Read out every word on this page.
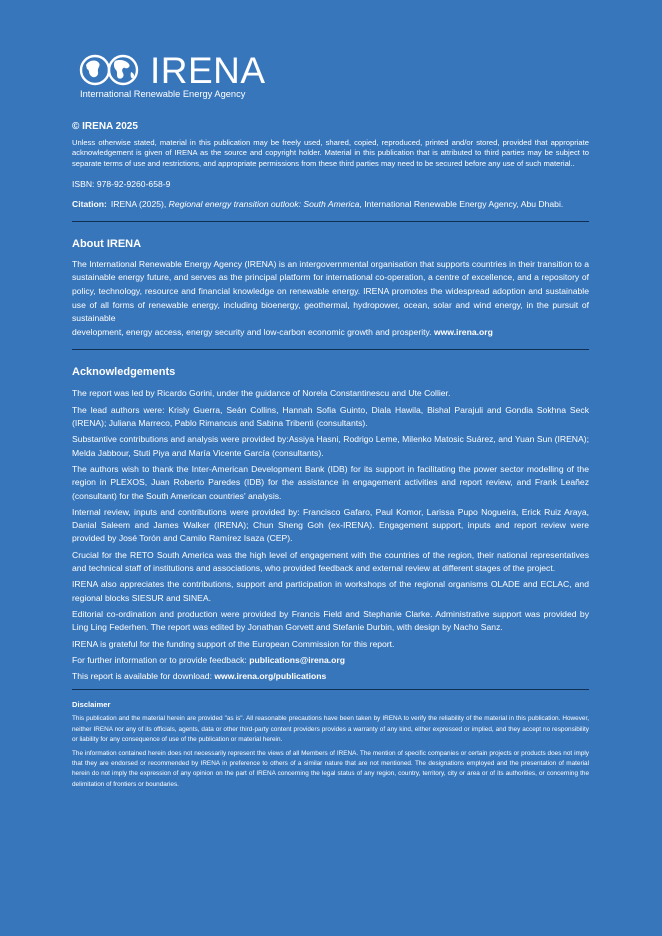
IRENA
International Renewable Energy Agency

© IRENA 2025

Unless otherwise stated, material in this publication may be freely used, shared, copied, reproduced, printed and/or stored, provided that appropriate acknowledgement is given of IRENA as the source and copyright holder. Material in this publication that is attributed to third parties may be subject to separate terms of use and restrictions, and appropriate permissions from these third parties may need to be secured before any use of such material..

ISBN: 978-92-9260-658-9

Citation: IRENA (2025), Regional energy transition outlook: South America, International Renewable Energy Agency, Abu Dhabi.
About IRENA

The International Renewable Energy Agency (IRENA) is an intergovernmental organisation that supports countries in their transition to a sustainable energy future, and serves as the principal platform for international co-operation, a centre of excellence, and a repository of policy, technology, resource and financial knowledge on renewable energy. IRENA promotes the widespread adoption and sustainable use of all forms of renewable energy, including bioenergy, geothermal, hydropower, ocean, solar and wind energy, in the pursuit of sustainable

development, energy access, energy security and low-carbon economic growth and prosperity. www.irena.org

Acknowledgements

The report was led by Ricardo Gorini, under the guidance of Norela Constantinescu and Ute Collier.

The lead authors were: Krisly Guerra, Seán Collins, Hannah Sofia Guinto, Diala Hawila, Bishal Parajuli and Gondia Sokhna Seck (IRENA); Juliana Marreco, Pablo Rimancus and Sabina Tribenti (consultants).

Substantive contributions and analysis were provided by:Assiya Hasni, Rodrigo Leme, Milenko Matosic Suárez, and Yuan Sun (IRENA); Melda Jabbour, Stuti Piya and María Vicente García (consultants).

The authors wish to thank the Inter-American Development Bank (IDB) for its support in facilitating the power sector modelling of the region in PLEXOS, Juan Roberto Paredes (IDB) for the assistance in engagement activities and report review, and Frank Leañez (consultant) for the South American countries' analysis.

Internal review, inputs and contributions were provided by: Francisco Gafaro, Paul Komor, Larissa Pupo Nogueira, Erick Ruiz Araya, Danial Saleem and James Walker (IRENA); Chun Sheng Goh (ex-IRENA). Engagement support, inputs and report review were provided by José Torón and Camilo Ramírez Isaza (CEP).

Crucial for the RETO South America was the high level of engagement with the countries of the region, their national representatives and technical staff of institutions and associations, who provided feedback and external review at different stages of the project.

IRENA also appreciates the contributions, support and participation in workshops of the regional organisms OLADE and ECLAC, and regional blocks SIESUR and SINEA.

Editorial co-ordination and production were provided by Francis Field and Stephanie Clarke. Administrative support was provided by Ling Ling Federhen. The report was edited by Jonathan Gorvett and Stefanie Durbin, with design by Nacho Sanz.

IRENA is grateful for the funding support of the European Commission for this report.

For further information or to provide feedback: publications@irena.org

This report is available for download: www.irena.org/publications

Disclaimer

This publication and the material herein are provided "as is". All reasonable precautions have been taken by IRENA to verify the reliability of the material in this publication. However, neither IRENA nor any of its officials, agents, data or other third-party content providers provides a warranty of any kind, either expressed or implied, and they accept no responsibility or liability for any consequence of use of the publication or material herein.

The information contained herein does not necessarily represent the views of all Members of IRENA. The mention of specific companies or certain projects or products does not imply that they are endorsed or recommended by IRENA in preference to others of a similar nature that are not mentioned. The designations employed and the presentation of material herein do not imply the expression of any opinion on the part of IRENA concerning the legal status of any region, country, territory, city or area or of its authorities, or concerning the delimitation of frontiers or boundaries.
